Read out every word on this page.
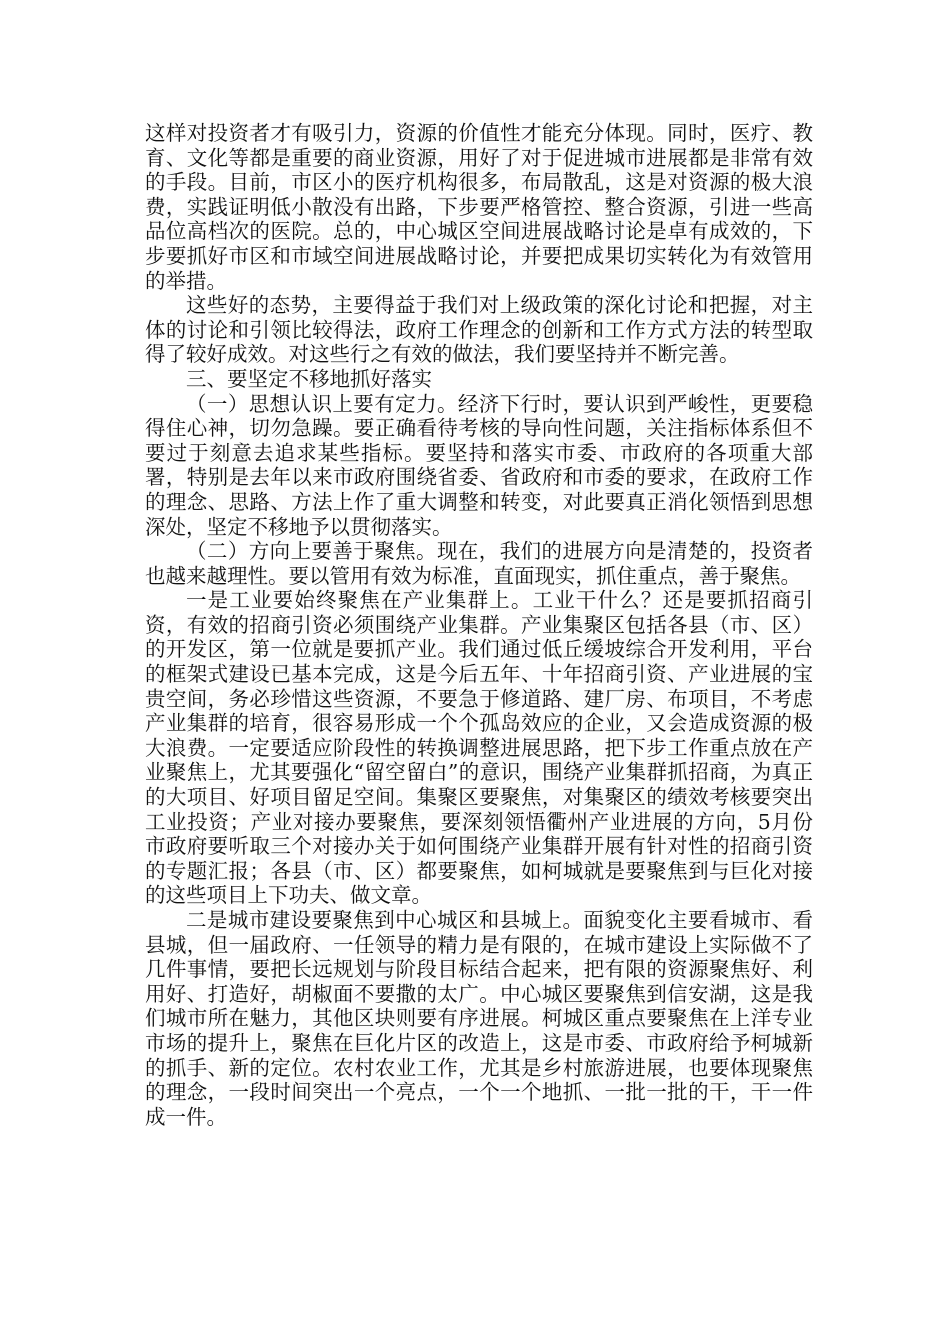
这样对投资者才有吸引力，资源的价值性才能充分体现。同时，医疗、教育、文化等都是重要的商业资源，用好了对于促进城市进展都是非常有效的手段。目前，市区小的医疗机构很多，布局散乱，这是对资源的极大浪费，实践证明低小散没有出路，下步要严格管控、整合资源，引进一些高品位高档次的医院。总的，中心城区空间进展战略讨论是卓有成效的，下步要抓好市区和市域空间进展战略讨论，并要把成果切实转化为有效管用的举措。

这些好的态势，主要得益于我们对上级政策的深化讨论和把握，对主体的讨论和引领比较得法，政府工作理念的创新和工作方式方法的转型取得了较好成效。对这些行之有效的做法，我们要坚持并不断完善。

三、要坚定不移地抓好落实

（一）思想认识上要有定力。经济下行时，要认识到严峻性，更要稳得住心神，切勿急躁。要正确看待考核的导向性问题，关注指标体系但不要过于刻意去追求某些指标。要坚持和落实市委、市政府的各项重大部署，特别是去年以来市政府围绕省委、省政府和市委的要求，在政府工作的理念、思路、方法上作了重大调整和转变，对此要真正消化领悟到思想深处，坚定不移地予以贯彻落实。

（二）方向上要善于聚焦。现在，我们的进展方向是清楚的，投资者也越来越理性。要以管用有效为标准，直面现实，抓住重点，善于聚焦。

一是工业要始终聚焦在产业集群上。工业干什么？还是要抓招商引资，有效的招商引资必须围绕产业集群。产业集聚区包括各县（市、区）的开发区，第一位就是要抓产业。我们通过低丘缓坡综合开发利用，平台的框架式建设已基本完成，这是今后五年、十年招商引资、产业进展的宝贵空间，务必珍惜这些资源，不要急于修道路、建厂房、布项目，不考虑产业集群的培育，很容易形成一个个孤岛效应的企业，又会造成资源的极大浪费。一定要适应阶段性的转换调整进展思路，把下步工作重点放在产业聚焦上，尤其要强化“留空留白”的意识，围绕产业集群抓招商，为真正的大项目、好项目留足空间。集聚区要聚焦，对集聚区的绩效考核要突出工业投资；产业对接办要聚焦，要深刻领悟衢州产业进展的方向，5月份市政府要听取三个对接办关于如何围绕产业集群开展有针对性的招商引资的专题汇报；各县（市、区）都要聚焦，如柯城就是要聚焦到与巨化对接的这些项目上下功夫、做文章。

二是城市建设要聚焦到中心城区和县城上。面貌变化主要看城市、看县城，但一届政府、一任领导的精力是有限的，在城市建设上实际做不了几件事情，要把长远规划与阶段目标结合起来，把有限的资源聚焦好、利用好、打造好，胡椒面不要撒的太广。中心城区要聚焦到信安湖，这是我们城市所在魅力，其他区块则要有序进展。柯城区重点要聚焦在上洋专业市场的提升上，聚焦在巨化片区的改造上，这是市委、市政府给予柯城新的抓手、新的定位。农村农业工作，尤其是乡村旅游进展，也要体现聚焦的理念，一段时间突出一个亮点，一个一个地抓、一批一批的干，干一件成一件。
